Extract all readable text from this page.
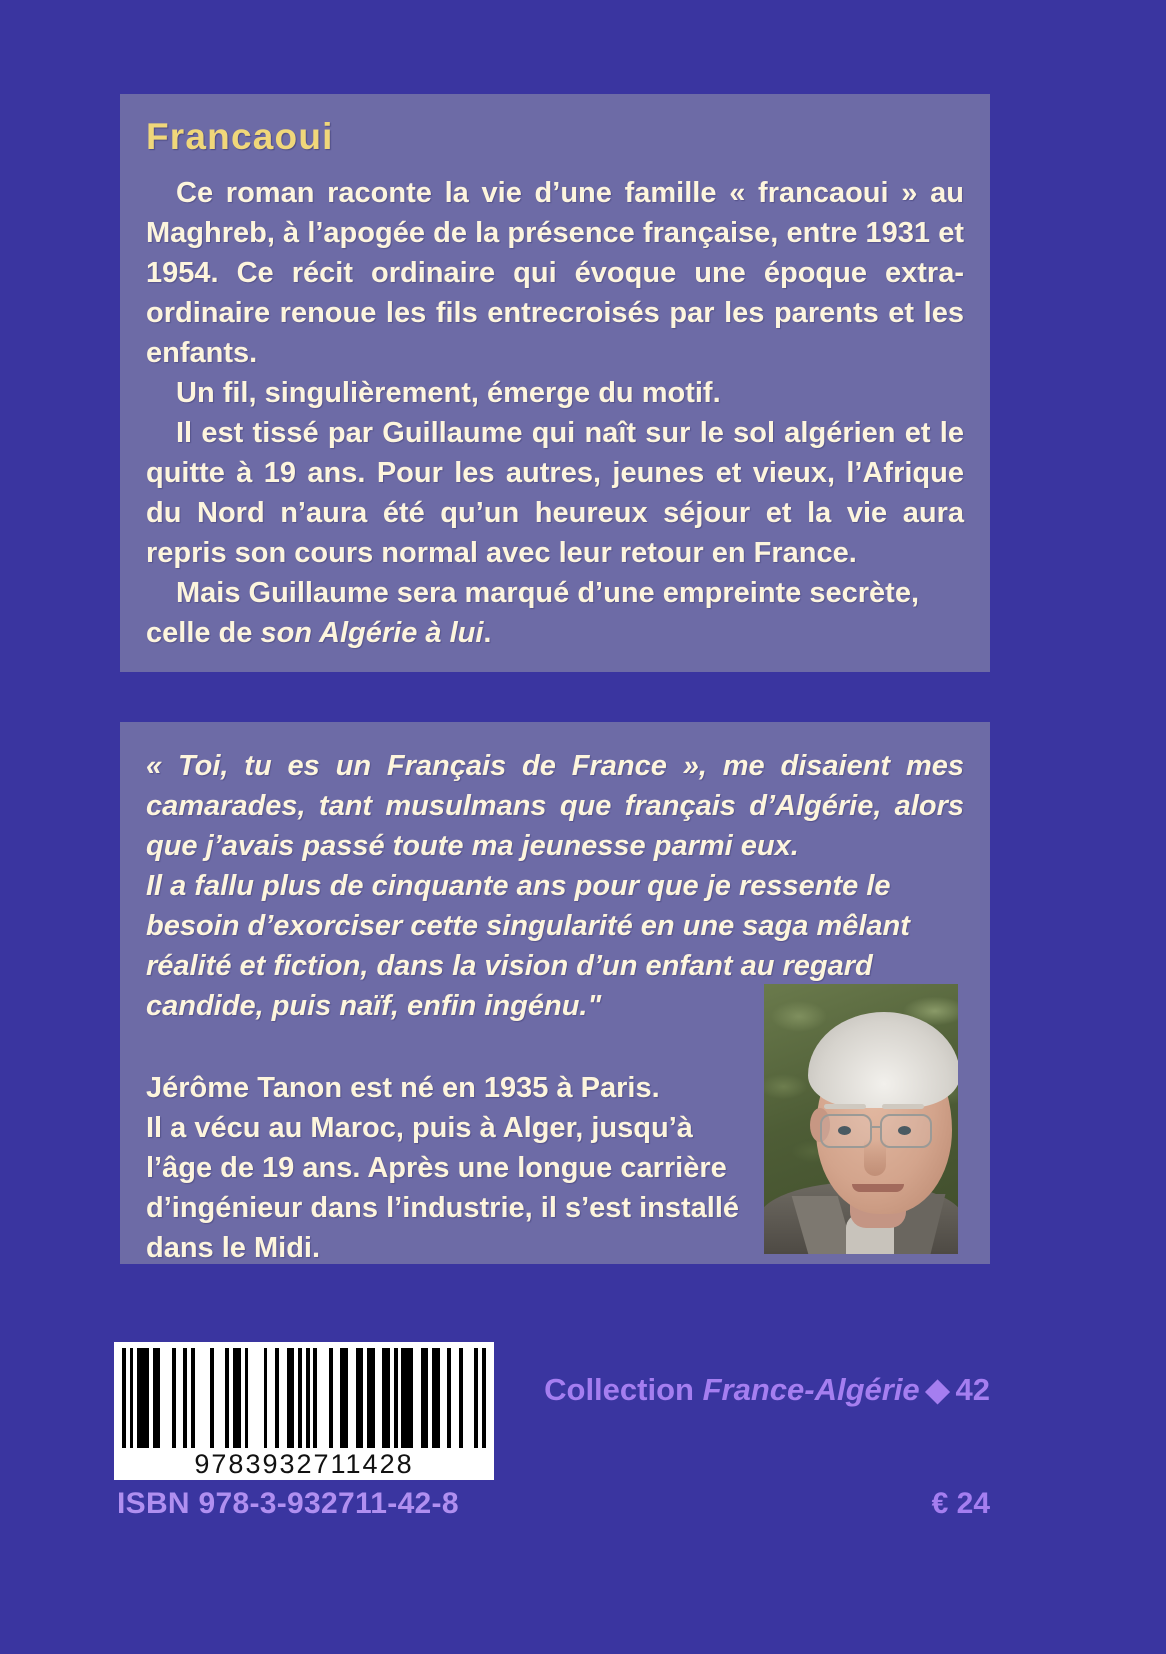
Francaoui

Ce roman raconte la vie d’une famille « francaoui » au Maghreb, à l’apogée de la présence française, entre 1931 et 1954. Ce récit ordinaire qui évoque une époque extra-ordinaire renoue les fils entrecroisés par les parents et les enfants.

Un fil, singulièrement, émerge du motif.

Il est tissé par Guillaume qui naît sur le sol algérien et le quitte à 19 ans. Pour les autres, jeunes et vieux, l’Afrique du Nord n’aura été qu’un heureux séjour et la vie aura repris son cours normal avec leur retour en France.

Mais Guillaume sera marqué d’une empreinte secrète, celle de son Algérie à lui.

« Toi, tu es un Français de France », me disaient mes camarades, tant musulmans que français d’Algérie, alors que j’avais passé toute ma jeunesse parmi eux.

Il a fallu plus de cinquante ans pour que je ressente le besoin d’exorciser cette singularité en une saga mêlant réalité et fiction, dans la vision d’un enfant au regard candide, puis naïf, enfin ingénu."

Jérôme Tanon est né en 1935 à Paris.

Il a vécu au Maroc, puis à Alger, jusqu’à l’âge de 19 ans. Après une longue carrière d’ingénieur dans l’industrie, il s’est installé dans le Midi.

9783932711428
ISBN 978-3-932711-42-8
Collection France-Algérie ◆ 42
€ 24
